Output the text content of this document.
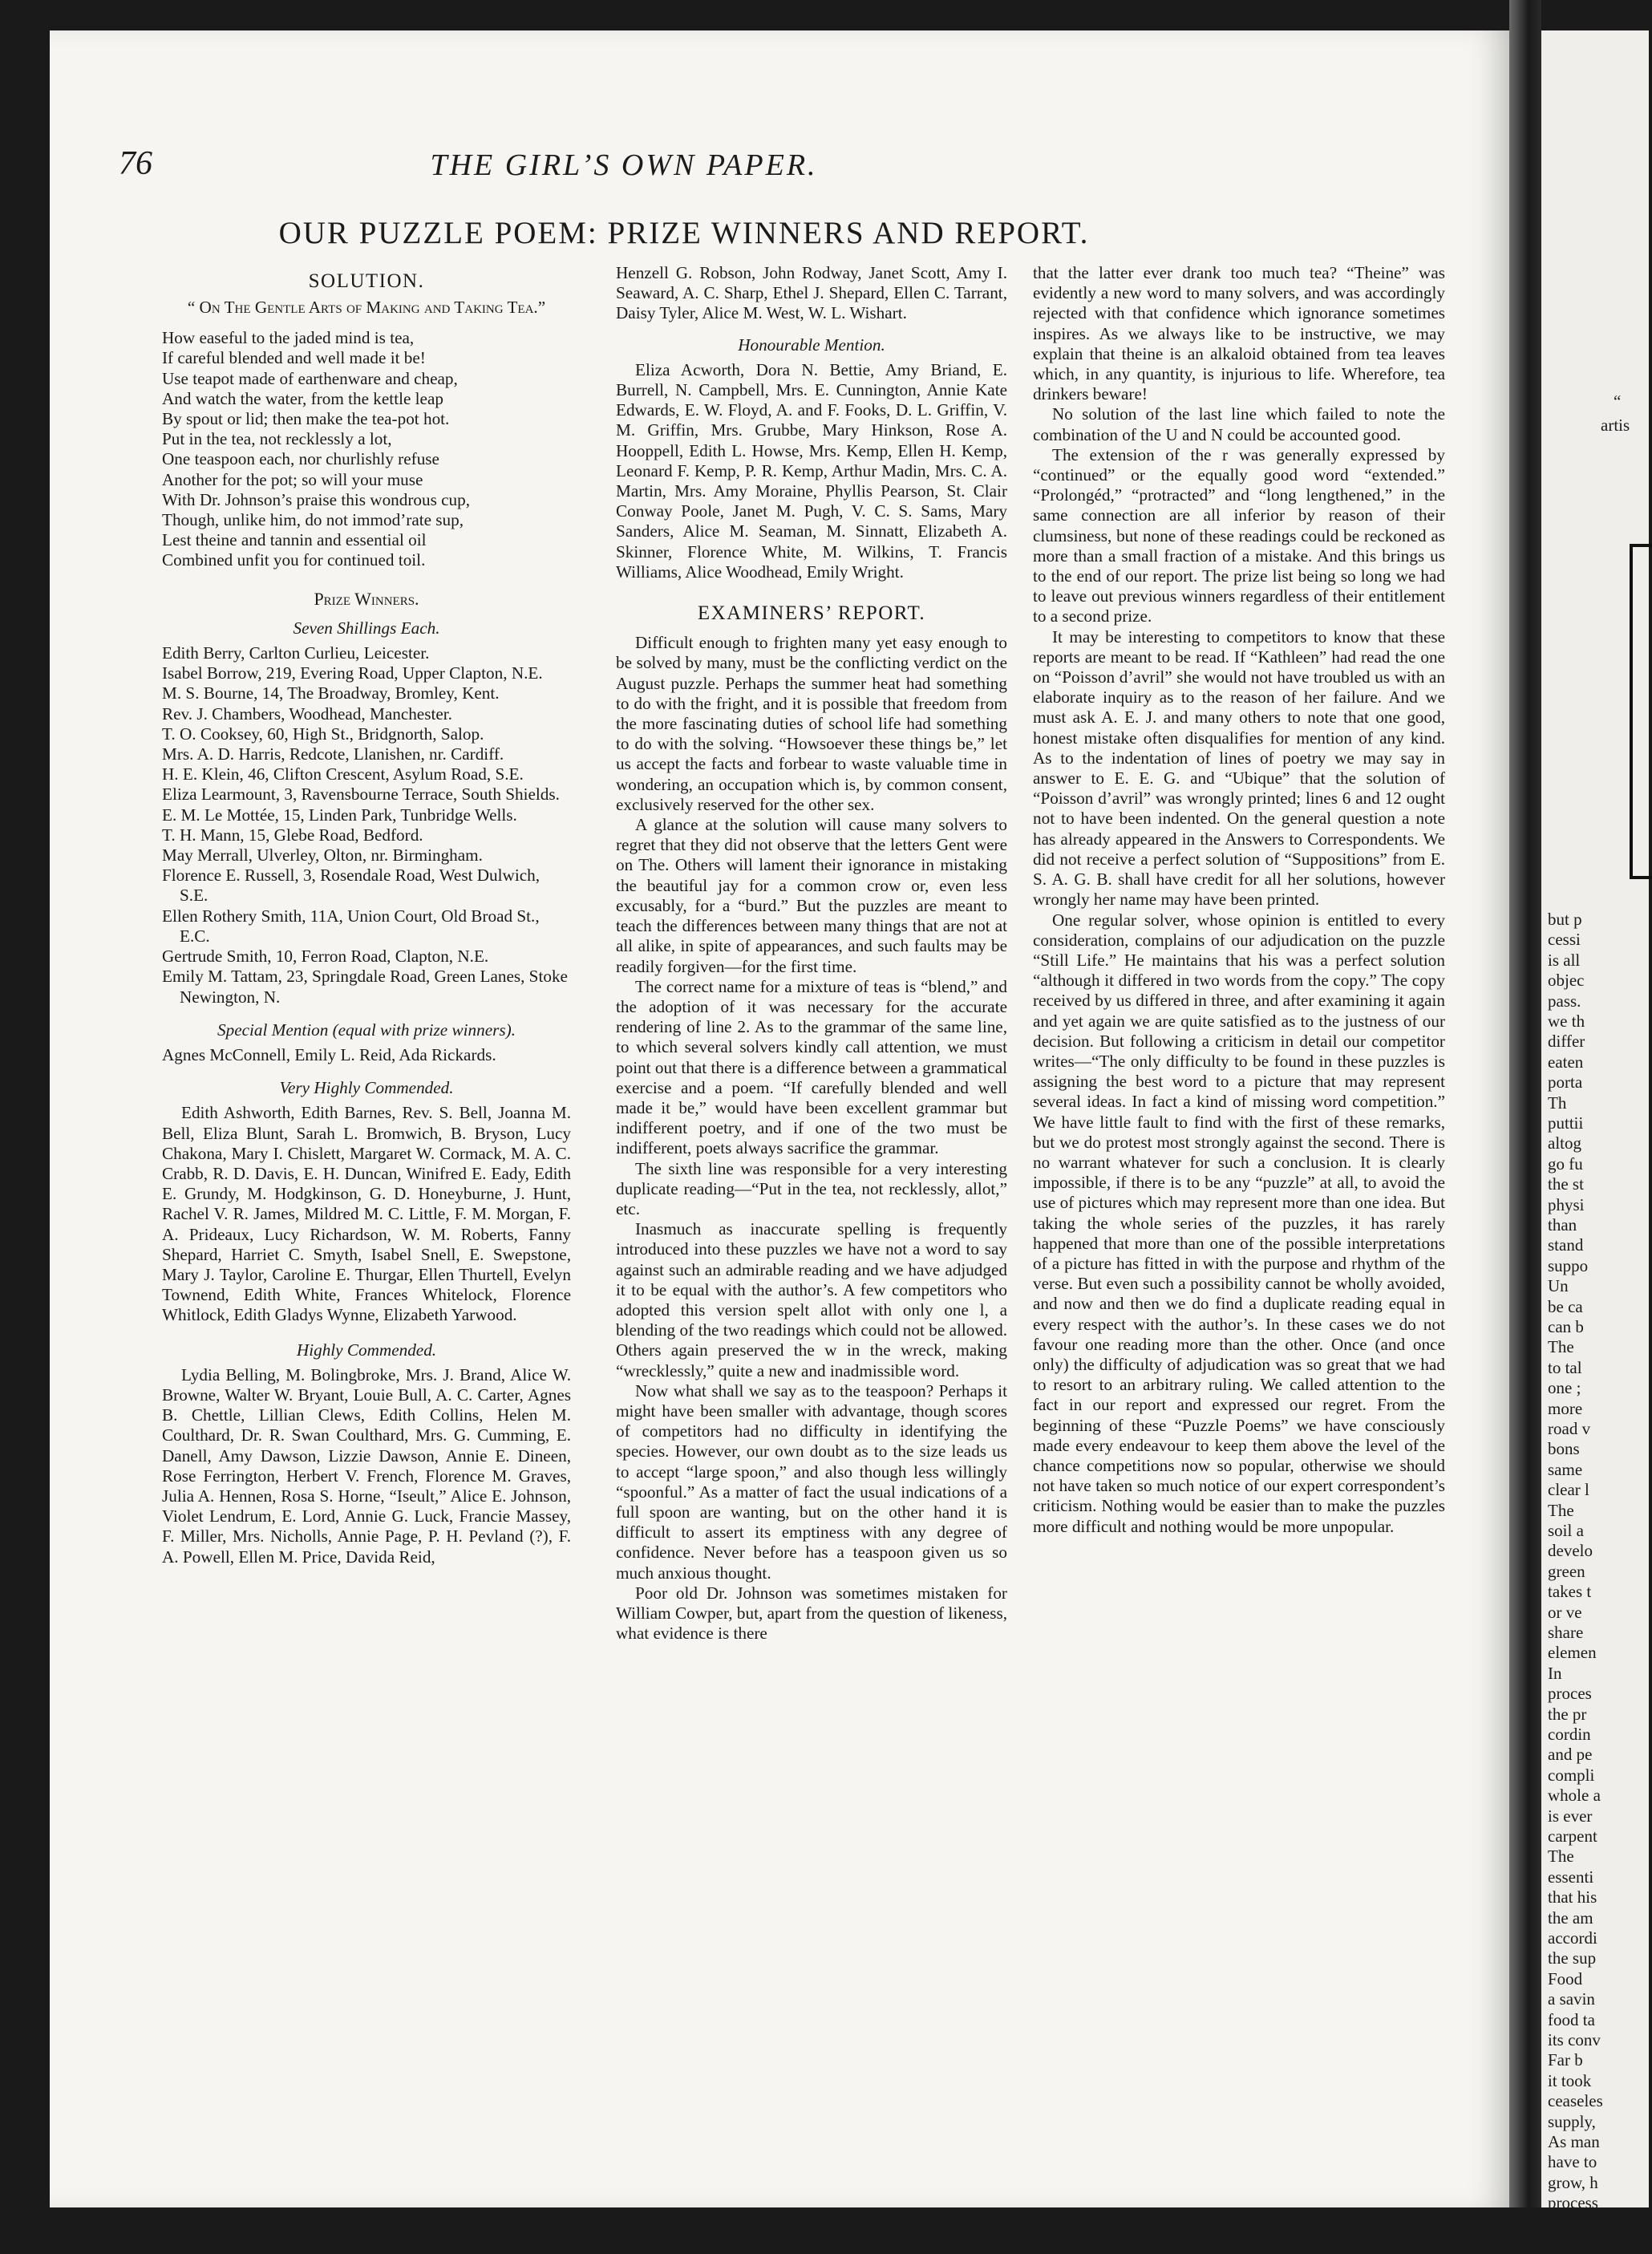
“
artis
but p
cessi
is all
objec
pass.
we th
differ
eaten
porta
Th
puttii
altog
go fu
the st
physi
than
stand
suppo
Un
be ca
can b
The
to tal
one ;
more
road v
bons
same
clear l
The
soil a
develo
green
takes t
or ve
share
elemen
In
proces
the pr
cordin
and pe
compli
whole a
is ever
carpent
The
essenti
that his
the am
accordi
the sup
Food
a savin
food ta
its conv
Far b
it took
ceaseles
supply,
As man
have to
grow, h
process
govern
long as
76	THE GIRL’S OWN PAPER.
OUR PUZZLE POEM: PRIZE WINNERS AND REPORT.
SOLUTION.
“ On The Gentle Arts of Making and Taking Tea.”
How easeful to the jaded mind is tea,
If careful blended and well made it be!
Use teapot made of earthenware and cheap,
And watch the water, from the kettle leap
By spout or lid; then make the tea-pot hot.
Put in the tea, not recklessly a lot,
One teaspoon each, nor churlishly refuse
Another for the pot; so will your muse
With Dr. Johnson’s praise this wondrous cup,
Though, unlike him, do not immod’rate sup,
Lest theine and tannin and essential oil
Combined unfit you for continued toil.
Prize Winners.
Seven Shillings Each.

Edith Berry, Carlton Curlieu, Leicester.

Isabel Borrow, 219, Evering Road, Upper Clapton, N.E.

M. S. Bourne, 14, The Broadway, Bromley, Kent.

Rev. J. Chambers, Woodhead, Manchester.

T. O. Cooksey, 60, High St., Bridgnorth, Salop.

Mrs. A. D. Harris, Redcote, Llanishen, nr. Cardiff.

H. E. Klein, 46, Clifton Crescent, Asylum Road, S.E.

Eliza Learmount, 3, Ravensbourne Terrace, South Shields.

E. M. Le Mottée, 15, Linden Park, Tunbridge Wells.

T. H. Mann, 15, Glebe Road, Bedford.

May Merrall, Ulverley, Olton, nr. Birmingham.

Florence E. Russell, 3, Rosendale Road, West Dulwich, S.E.

Ellen Rothery Smith, 11A, Union Court, Old Broad St., E.C.

Gertrude Smith, 10, Ferron Road, Clapton, N.E.

Emily M. Tattam, 23, Springdale Road, Green Lanes, Stoke Newington, N.

Special Mention (equal with prize winners).

Agnes McConnell, Emily L. Reid, Ada Rickards.

Very Highly Commended.

Edith Ashworth, Edith Barnes, Rev. S. Bell, Joanna M. Bell, Eliza Blunt, Sarah L. Bromwich, B. Bryson, Lucy Chakona, Mary I. Chislett, Margaret W. Cormack, M. A. C. Crabb, R. D. Davis, E. H. Duncan, Winifred E. Eady, Edith E. Grundy, M. Hodgkinson, G. D. Honeyburne, J. Hunt, Rachel V. R. James, Mildred M. C. Little, F. M. Morgan, F. A. Prideaux, Lucy Richardson, W. M. Roberts, Fanny Shepard, Harriet C. Smyth, Isabel Snell, E. Swepstone, Mary J. Taylor, Caroline E. Thurgar, Ellen Thurtell, Evelyn Townend, Edith White, Frances Whitelock, Florence Whitlock, Edith Gladys Wynne, Elizabeth Yarwood.

Highly Commended.

Lydia Belling, M. Bolingbroke, Mrs. J. Brand, Alice W. Browne, Walter W. Bryant, Louie Bull, A. C. Carter, Agnes B. Chettle, Lillian Clews, Edith Collins, Helen M. Coulthard, Dr. R. Swan Coulthard, Mrs. G. Cumming, E. Danell, Amy Dawson, Lizzie Dawson, Annie E. Dineen, Rose Ferrington, Herbert V. French, Florence M. Graves, Julia A. Hennen, Rosa S. Horne, “Iseult,” Alice E. Johnson, Violet Lendrum, E. Lord, Annie G. Luck, Francie Massey, F. Miller, Mrs. Nicholls, Annie Page, P. H. Pevland (?), F. A. Powell, Ellen M. Price, Davida Reid,

Henzell G. Robson, John Rodway, Janet Scott, Amy I. Seaward, A. C. Sharp, Ethel J. Shepard, Ellen C. Tarrant, Daisy Tyler, Alice M. West, W. L. Wishart.

Honourable Mention.

Eliza Acworth, Dora N. Bettie, Amy Briand, E. Burrell, N. Campbell, Mrs. E. Cunnington, Annie Kate Edwards, E. W. Floyd, A. and F. Fooks, D. L. Griffin, V. M. Griffin, Mrs. Grubbe, Mary Hinkson, Rose A. Hooppell, Edith L. Howse, Mrs. Kemp, Ellen H. Kemp, Leonard F. Kemp, P. R. Kemp, Arthur Madin, Mrs. C. A. Martin, Mrs. Amy Moraine, Phyllis Pearson, St. Clair Conway Poole, Janet M. Pugh, V. C. S. Sams, Mary Sanders, Alice M. Seaman, M. Sinnatt, Elizabeth A. Skinner, Florence White, M. Wilkins, T. Francis Williams, Alice Woodhead, Emily Wright.

EXAMINERS’ REPORT.

Difficult enough to frighten many yet easy enough to be solved by many, must be the conflicting verdict on the August puzzle. Perhaps the summer heat had something to do with the fright, and it is possible that freedom from the more fascinating duties of school life had something to do with the solving. “Howsoever these things be,” let us accept the facts and forbear to waste valuable time in wondering, an occupation which is, by common consent, exclusively reserved for the other sex.

A glance at the solution will cause many solvers to regret that they did not observe that the letters Gent were on The. Others will lament their ignorance in mistaking the beautiful jay for a common crow or, even less excusably, for a “burd.” But the puzzles are meant to teach the differences between many things that are not at all alike, in spite of appearances, and such faults may be readily forgiven—for the first time.

The correct name for a mixture of teas is “blend,” and the adoption of it was necessary for the accurate rendering of line 2. As to the grammar of the same line, to which several solvers kindly call attention, we must point out that there is a difference between a grammatical exercise and a poem. “If carefully blended and well made it be,” would have been excellent grammar but indifferent poetry, and if one of the two must be indifferent, poets always sacrifice the grammar.

The sixth line was responsible for a very interesting duplicate reading—“Put in the tea, not recklessly, allot,” etc.

Inasmuch as inaccurate spelling is frequently introduced into these puzzles we have not a word to say against such an admirable reading and we have adjudged it to be equal with the author’s. A few competitors who adopted this version spelt allot with only one l, a blending of the two readings which could not be allowed. Others again preserved the w in the wreck, making “wrecklessly,” quite a new and inadmissible word.

Now what shall we say as to the teaspoon? Perhaps it might have been smaller with advantage, though scores of competitors had no difficulty in identifying the species. However, our own doubt as to the size leads us to accept “large spoon,” and also though less willingly “spoonful.” As a matter of fact the usual indications of a full spoon are wanting, but on the other hand it is difficult to assert its emptiness with any degree of confidence. Never before has a teaspoon given us so much anxious thought.

Poor old Dr. Johnson was sometimes mistaken for William Cowper, but, apart from the question of likeness, what evidence is there

that the latter ever drank too much tea? “Theine” was evidently a new word to many solvers, and was accordingly rejected with that confidence which ignorance sometimes inspires. As we always like to be instructive, we may explain that theine is an alkaloid obtained from tea leaves which, in any quantity, is injurious to life. Wherefore, tea drinkers beware!

No solution of the last line which failed to note the combination of the U and N could be accounted good.

The extension of the r was generally expressed by “continued” or the equally good word “extended.” “Prolongéd,” “protracted” and “long lengthened,” in the same connection are all inferior by reason of their clumsiness, but none of these readings could be reckoned as more than a small fraction of a mistake. And this brings us to the end of our report. The prize list being so long we had to leave out previous winners regardless of their entitlement to a second prize.

It may be interesting to competitors to know that these reports are meant to be read. If “Kathleen” had read the one on “Poisson d’avril” she would not have troubled us with an elaborate inquiry as to the reason of her failure. And we must ask A. E. J. and many others to note that one good, honest mistake often disqualifies for mention of any kind. As to the indentation of lines of poetry we may say in answer to E. E. G. and “Ubique” that the solution of “Poisson d’avril” was wrongly printed; lines 6 and 12 ought not to have been indented. On the general question a note has already appeared in the Answers to Correspondents. We did not receive a perfect solution of “Suppositions” from E. S. A. G. B. shall have credit for all her solutions, however wrongly her name may have been printed.

One regular solver, whose opinion is entitled to every consideration, complains of our adjudication on the puzzle “Still Life.” He maintains that his was a perfect solution “although it differed in two words from the copy.” The copy received by us differed in three, and after examining it again and yet again we are quite satisfied as to the justness of our decision. But following a criticism in detail our competitor writes—“The only difficulty to be found in these puzzles is assigning the best word to a picture that may represent several ideas. In fact a kind of missing word competition.” We have little fault to find with the first of these remarks, but we do protest most strongly against the second. There is no warrant whatever for such a conclusion. It is clearly impossible, if there is to be any “puzzle” at all, to avoid the use of pictures which may represent more than one idea. But taking the whole series of the puzzles, it has rarely happened that more than one of the possible interpretations of a picture has fitted in with the purpose and rhythm of the verse. But even such a possibility cannot be wholly avoided, and now and then we do find a duplicate reading equal in every respect with the author’s. In these cases we do not favour one reading more than the other. Once (and once only) the difficulty of adjudication was so great that we had to resort to an arbitrary ruling. We called attention to the fact in our report and expressed our regret. From the beginning of these “Puzzle Poems” we have consciously made every endeavour to keep them above the level of the chance competitions now so popular, otherwise we should not have taken so much notice of our expert correspondent’s criticism. Nothing would be easier than to make the puzzles more difficult and nothing would be more unpopular.
